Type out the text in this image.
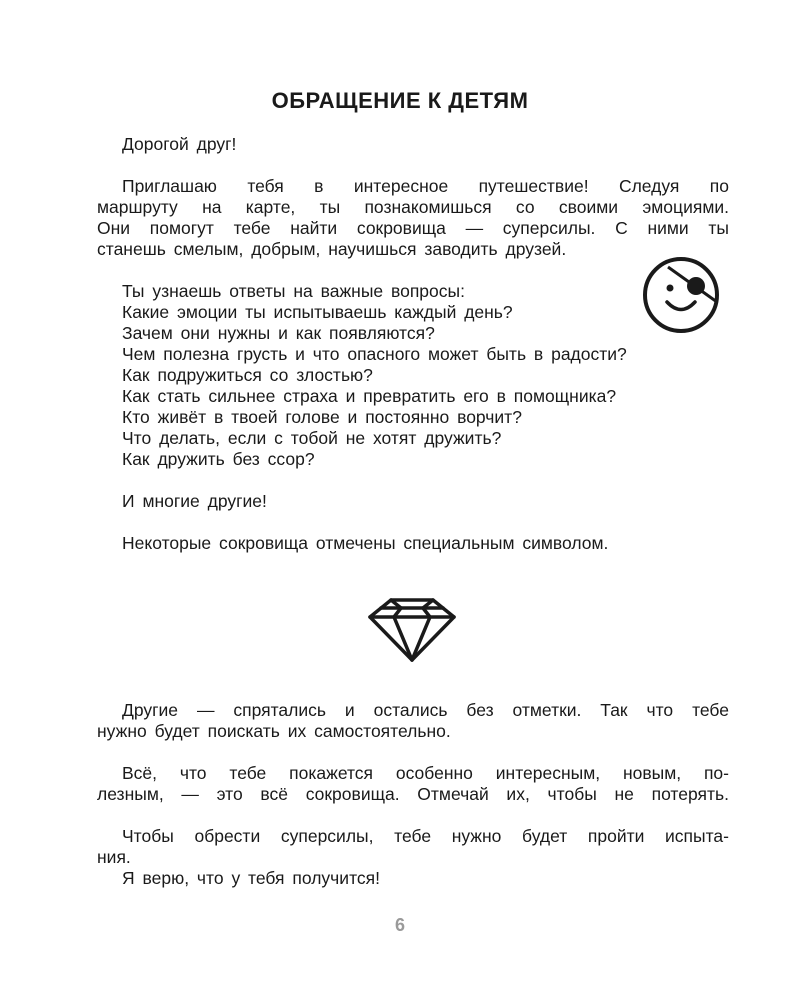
ОБРАЩЕНИЕ К ДЕТЯМ
Дорогой друг!
Приглашаю тебя в интересное путешествие! Следуя по
маршруту на карте, ты познакомишься со своими эмоциями.
Они помогут тебе найти сокровища — суперсилы. С ними ты
станешь смелым, добрым, научишься заводить друзей.
Ты узнаешь ответы на важные вопросы:
Какие эмоции ты испытываешь каждый день?
Зачем они нужны и как появляются?
Чем полезна грусть и что опасного может быть в радости?
Как подружиться со злостью?
Как стать сильнее страха и превратить его в помощника?
Кто живёт в твоей голове и постоянно ворчит?
Что делать, если с тобой не хотят дружить?
Как дружить без ссор?
И многие другие!
Некоторые сокровища отмечены специальным символом.
Другие — спрятались и остались без отметки. Так что тебе
нужно будет поискать их самостоятельно.
Всё, что тебе покажется особенно интересным, новым, по-
лезным, — это всё сокровища. Отмечай их, чтобы не потерять.
Чтобы обрести суперсилы, тебе нужно будет пройти испыта-
ния.
Я верю, что у тебя получится!
6
